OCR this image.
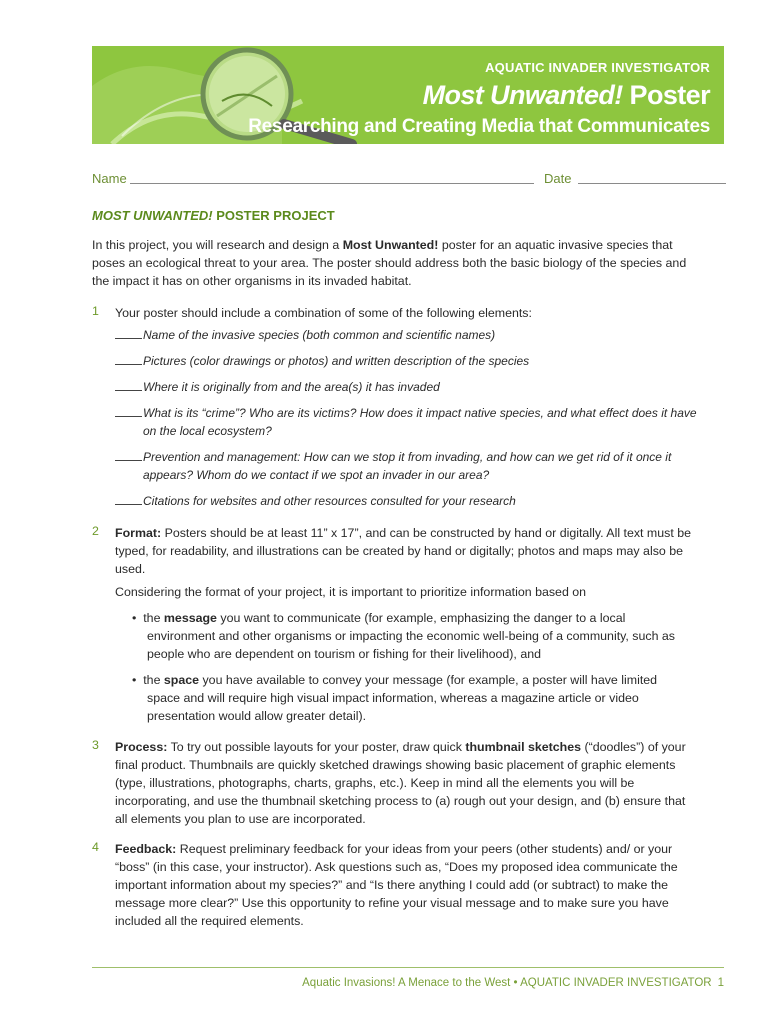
AQUATIC INVADER INVESTIGATOR
Most Unwanted! Poster
Researching and Creating Media that Communicates
Name	Date
MOST UNWANTED! POSTER PROJECT
In this project, you will research and design a Most Unwanted! poster for an aquatic invasive species that poses an ecological threat to your area. The poster should address both the basic biology of the species and the impact it has on other organisms in its invaded habitat.
1 Your poster should include a combination of some of the following elements:
Name of the invasive species (both common and scientific names)
Pictures (color drawings or photos) and written description of the species
Where it is originally from and the area(s) it has invaded
What is its “crime”? Who are its victims? How does it impact native species, and what effect does it have on the local ecosystem?
Prevention and management: How can we stop it from invading, and how can we get rid of it once it appears? Whom do we contact if we spot an invader in our area?
Citations for websites and other resources consulted for your research
2 Format: Posters should be at least 11” x 17”, and can be constructed by hand or digitally. All text must be typed, for readability, and illustrations can be created by hand or digitally; photos and maps may also be used.
Considering the format of your project, it is important to prioritize information based on
•  the message you want to communicate (for example, emphasizing the danger to a local environment and other organisms or impacting the economic well-being of a community, such as people who are dependent on tourism or fishing for their livelihood), and
•  the space you have available to convey your message (for example, a poster will have limited space and will require high visual impact information, whereas a magazine article or video presentation would allow greater detail).
3 Process: To try out possible layouts for your poster, draw quick thumbnail sketches (“doodles”) of your final product. Thumbnails are quickly sketched drawings showing basic placement of graphic elements (type, illustrations, photographs, charts, graphs, etc.). Keep in mind all the elements you will be incorporating, and use the thumbnail sketching process to (a) rough out your design, and (b) ensure that all elements you plan to use are incorporated.
4 Feedback: Request preliminary feedback for your ideas from your peers (other students) and/ or your “boss” (in this case, your instructor). Ask questions such as, “Does my proposed idea communicate the important information about my species?” and “Is there anything I could add (or subtract) to make the message more clear?” Use this opportunity to refine your visual message and to make sure you have included all the required elements.
Aquatic Invasions! A Menace to the West • AQUATIC INVADER INVESTIGATOR 1
